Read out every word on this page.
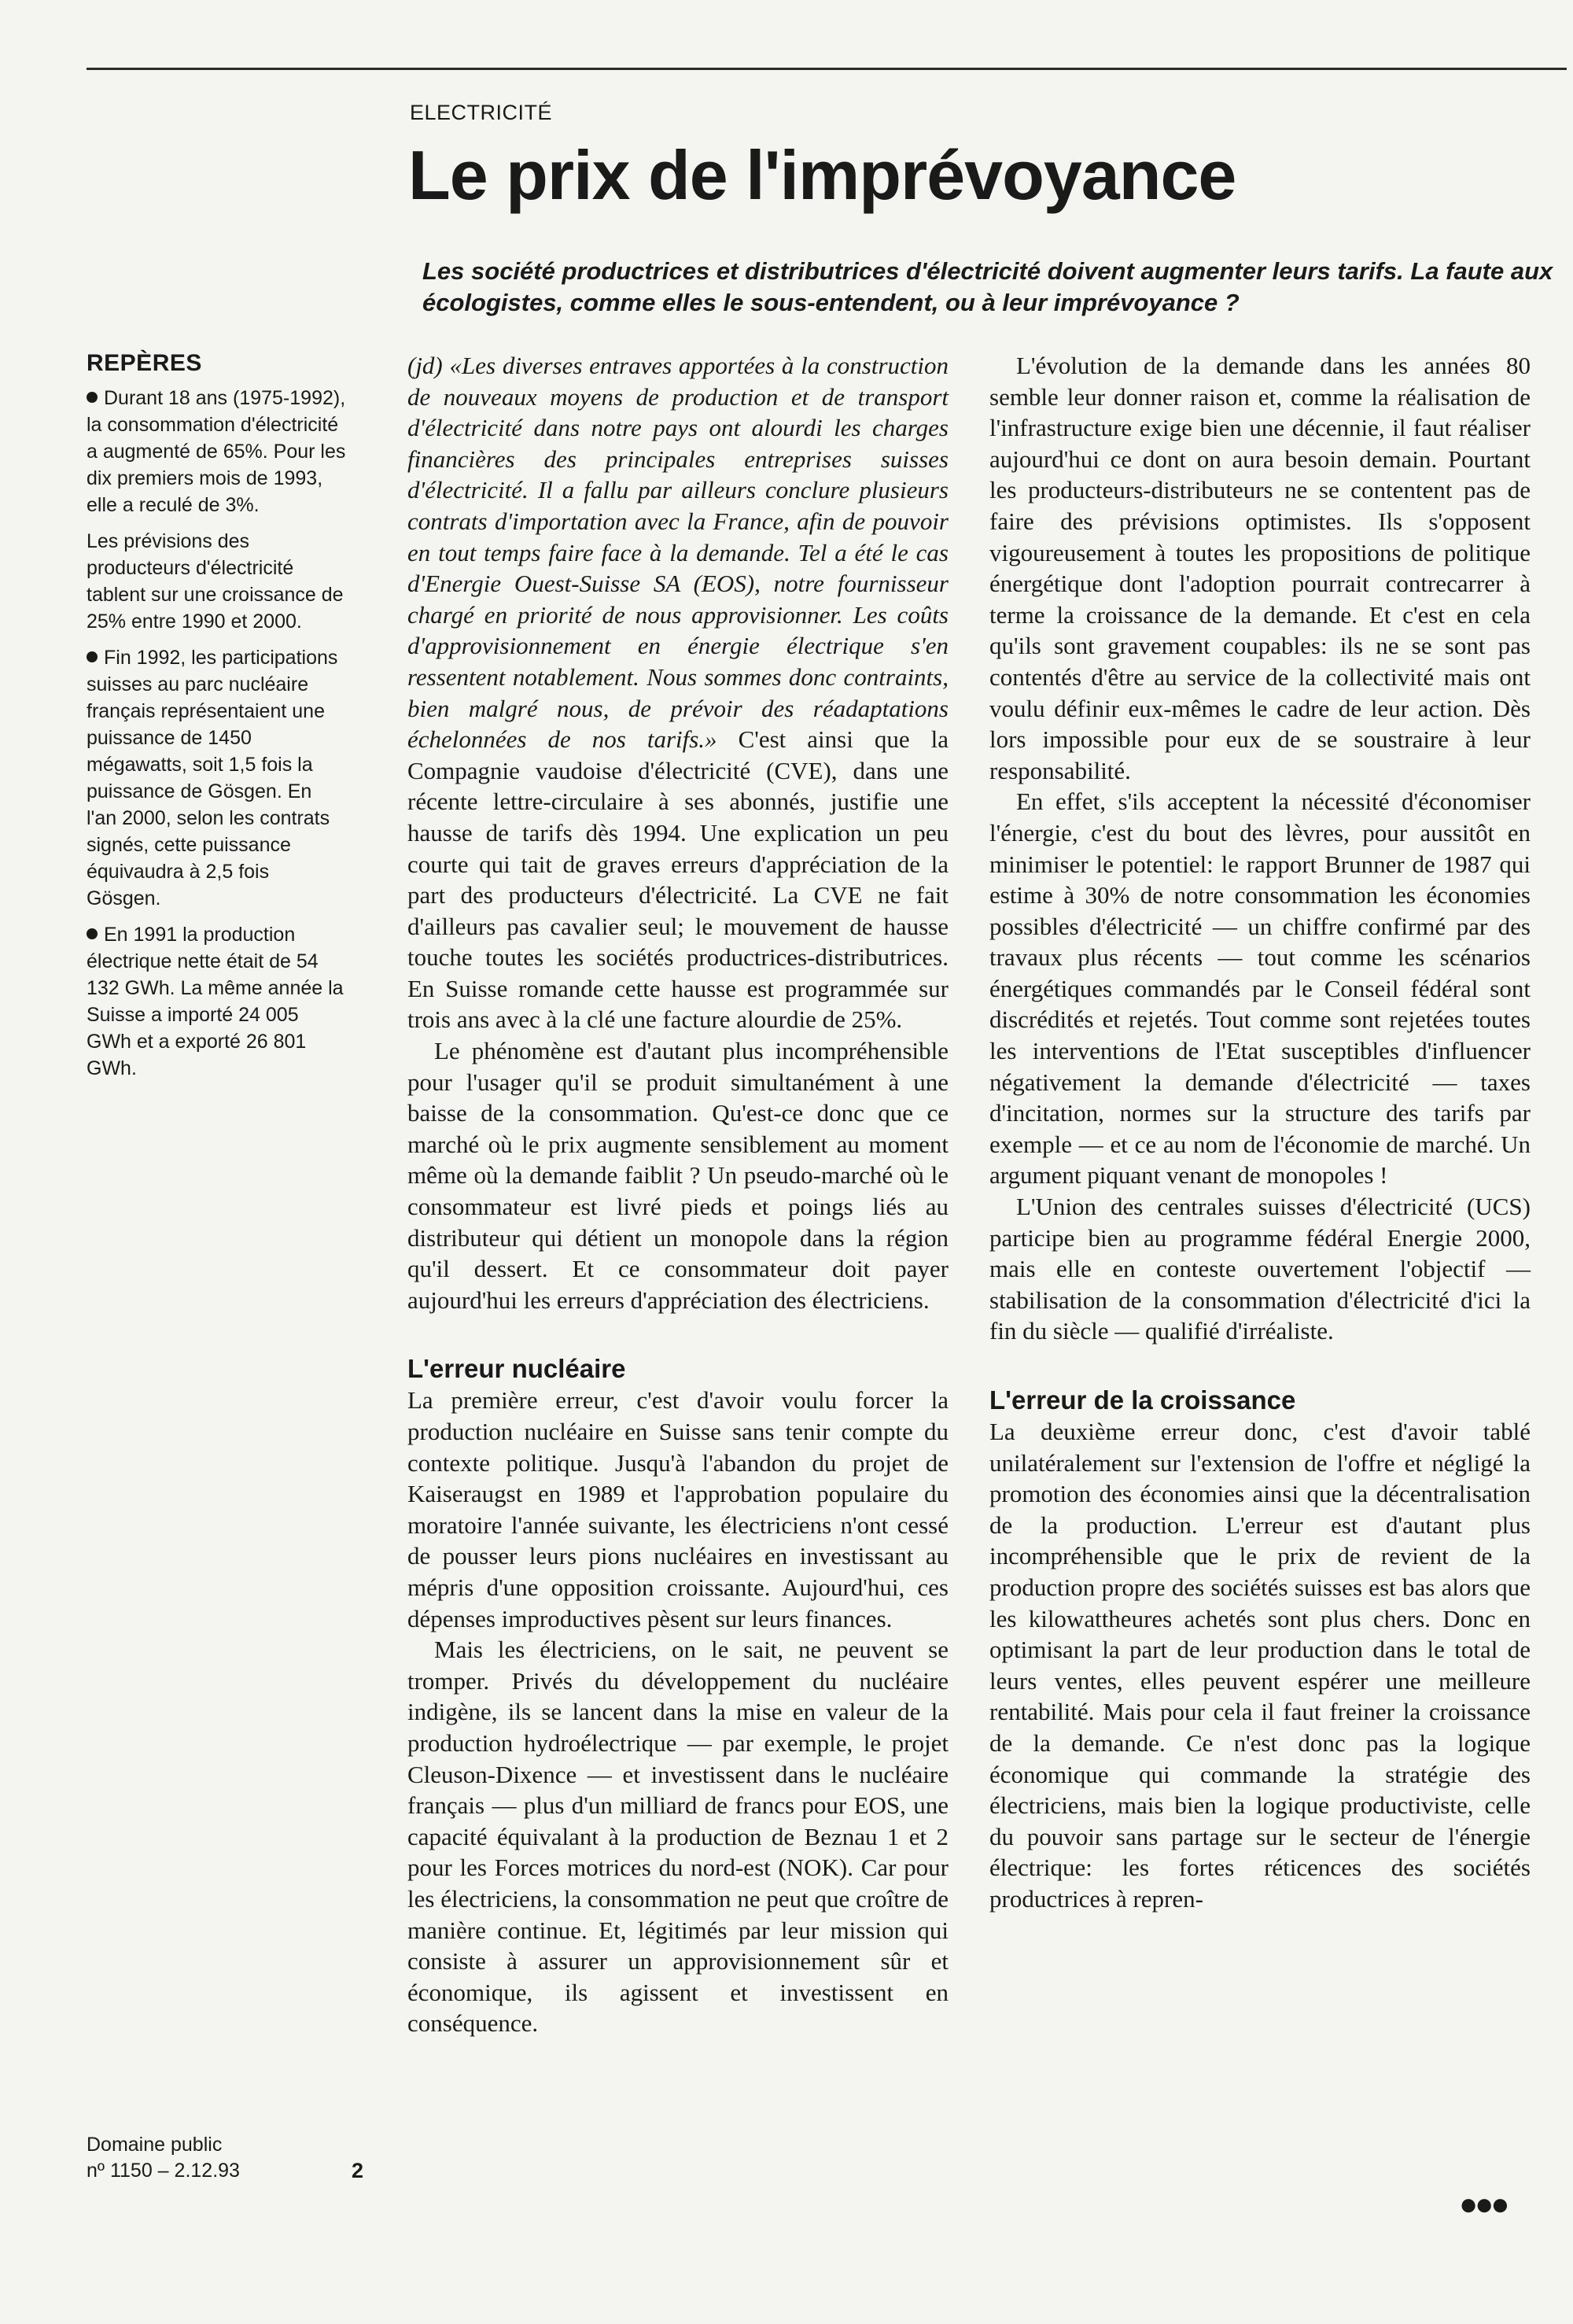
ELECTRICITÉ
Le prix de l'imprévoyance
Les société productrices et distributrices d'électricité doivent augmenter leurs tarifs. La faute aux écologistes, comme elles le sous-entendent, ou à leur imprévoyance ?
REPÈRES
Durant 18 ans (1975-1992), la consommation d'électricité a augmenté de 65%. Pour les dix premiers mois de 1993, elle a reculé de 3%.
Les prévisions des producteurs d'électricité tablent sur une croissance de 25% entre 1990 et 2000.
Fin 1992, les participations suisses au parc nucléaire français représentaient une puissance de 1450 mégawatts, soit 1,5 fois la puissance de Gösgen. En l'an 2000, selon les contrats signés, cette puissance équivaudra à 2,5 fois Gösgen.
En 1991 la production électrique nette était de 54 132 GWh. La même année la Suisse a importé 24 005 GWh et a exporté 26 801 GWh.
Domaine public
nº 1150 – 2.12.93	2

(jd) «Les diverses entraves apportées à la construction de nouveaux moyens de production et de transport d'électricité dans notre pays ont alourdi les charges financières des principales entreprises suisses d'électricité. Il a fallu par ailleurs conclure plusieurs contrats d'importation avec la France, afin de pouvoir en tout temps faire face à la demande. Tel a été le cas d'Energie Ouest-Suisse SA (EOS), notre fournisseur chargé en priorité de nous approvisionner. Les coûts d'approvisionnement en énergie électrique s'en ressentent notablement. Nous sommes donc contraints, bien malgré nous, de prévoir des réadaptations échelonnées de nos tarifs.» C'est ainsi que la Compagnie vaudoise d'électricité (CVE), dans une récente lettre-circulaire à ses abonnés, justifie une hausse de tarifs dès 1994. Une explication un peu courte qui tait de graves erreurs d'appréciation de la part des producteurs d'électricité. La CVE ne fait d'ailleurs pas cavalier seul; le mouvement de hausse touche toutes les sociétés productrices-distributrices. En Suisse romande cette hausse est programmée sur trois ans avec à la clé une facture alourdie de 25%.

Le phénomène est d'autant plus incompréhensible pour l'usager qu'il se produit simultanément à une baisse de la consommation. Qu'est-ce donc que ce marché où le prix augmente sensiblement au moment même où la demande faiblit ? Un pseudo-marché où le consommateur est livré pieds et poings liés au distributeur qui détient un monopole dans la région qu'il dessert. Et ce consommateur doit payer aujourd'hui les erreurs d'appréciation des électriciens.

L'erreur nucléaire

La première erreur, c'est d'avoir voulu forcer la production nucléaire en Suisse sans tenir compte du contexte politique. Jusqu'à l'abandon du projet de Kaiseraugst en 1989 et l'approbation populaire du moratoire l'année suivante, les électriciens n'ont cessé de pousser leurs pions nucléaires en investissant au mépris d'une opposition croissante. Aujourd'hui, ces dépenses improductives pèsent sur leurs finances.

Mais les électriciens, on le sait, ne peuvent se tromper. Privés du développement du nucléaire indigène, ils se lancent dans la mise en valeur de la production hydroélectrique — par exemple, le projet Cleuson-Dixence — et investissent dans le nucléaire français — plus d'un milliard de francs pour EOS, une capacité équivalant à la production de Beznau 1 et 2 pour les Forces motrices du nord-est (NOK). Car pour les électriciens, la consommation ne peut que croître de manière continue. Et, légitimés par leur mission qui consiste à assurer un approvisionnement sûr et économique, ils agissent et investissent en conséquence.

L'évolution de la demande dans les années 80 semble leur donner raison et, comme la réalisation de l'infrastructure exige bien une décennie, il faut réaliser aujourd'hui ce dont on aura besoin demain. Pourtant les producteurs-distributeurs ne se contentent pas de faire des prévisions optimistes. Ils s'opposent vigoureusement à toutes les propositions de politique énergétique dont l'adoption pourrait contrecarrer à terme la croissance de la demande. Et c'est en cela qu'ils sont gravement coupables: ils ne se sont pas contentés d'être au service de la collectivité mais ont voulu définir eux-mêmes le cadre de leur action. Dès lors impossible pour eux de se soustraire à leur responsabilité.

En effet, s'ils acceptent la nécessité d'économiser l'énergie, c'est du bout des lèvres, pour aussitôt en minimiser le potentiel: le rapport Brunner de 1987 qui estime à 30% de notre consommation les économies possibles d'électricité — un chiffre confirmé par des travaux plus récents — tout comme les scénarios énergétiques commandés par le Conseil fédéral sont discrédités et rejetés. Tout comme sont rejetées toutes les interventions de l'Etat susceptibles d'influencer négativement la demande d'électricité — taxes d'incitation, normes sur la structure des tarifs par exemple — et ce au nom de l'économie de marché. Un argument piquant venant de monopoles !

L'Union des centrales suisses d'électricité (UCS) participe bien au programme fédéral Energie 2000, mais elle en conteste ouvertement l'objectif — stabilisation de la consommation d'électricité d'ici la fin du siècle — qualifié d'irréaliste.

L'erreur de la croissance

La deuxième erreur donc, c'est d'avoir tablé unilatéralement sur l'extension de l'offre et négligé la promotion des économies ainsi que la décentralisation de la production. L'erreur est d'autant plus incompréhensible que le prix de revient de la production propre des sociétés suisses est bas alors que les kilowattheures achetés sont plus chers. Donc en optimisant la part de leur production dans le total de leurs ventes, elles peuvent espérer une meilleure rentabilité. Mais pour cela il faut freiner la croissance de la demande. Ce n'est donc pas la logique économique qui commande la stratégie des électriciens, mais bien la logique productiviste, celle du pouvoir sans partage sur le secteur de l'énergie électrique: les fortes réticences des sociétés productrices à repren-

●●●
